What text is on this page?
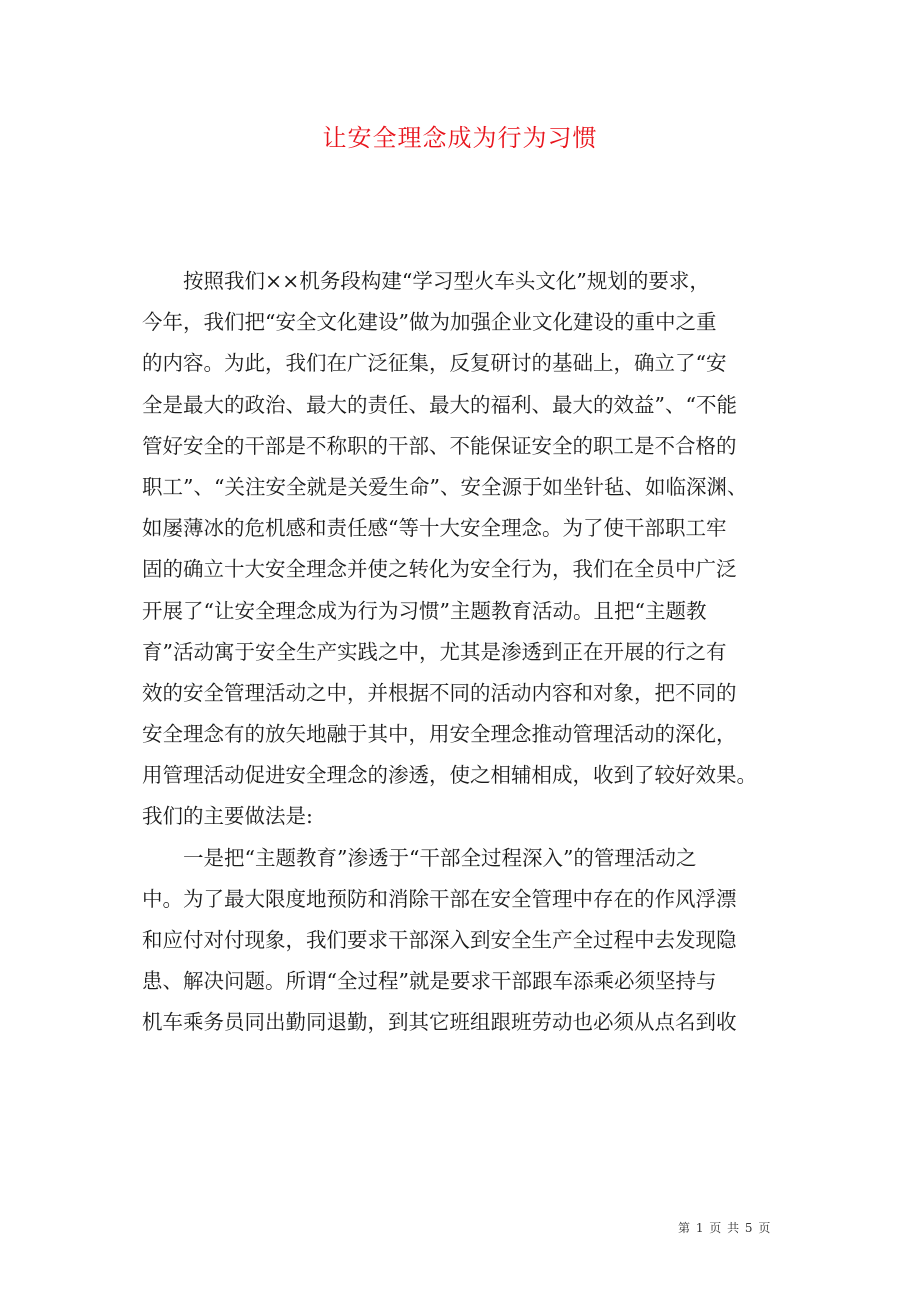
让安全理念成为行为习惯
按照我们××机务段构建“学习型火车头文化”规划的要求，
今年，我们把“安全文化建设”做为加强企业文化建设的重中之重
的内容。为此，我们在广泛征集，反复研讨的基础上，确立了“安
全是最大的政治、最大的责任、最大的福利、最大的效益”、“不能
管好安全的干部是不称职的干部、不能保证安全的职工是不合格的
职工”、“关注安全就是关爱生命”、安全源于如坐针毡、如临深渊、
如屡薄冰的危机感和责任感“等十大安全理念。为了使干部职工牢
固的确立十大安全理念并使之转化为安全行为，我们在全员中广泛
开展了“让安全理念成为行为习惯”主题教育活动。且把“主题教
育”活动寓于安全生产实践之中，尤其是渗透到正在开展的行之有
效的安全管理活动之中，并根据不同的活动内容和对象，把不同的
安全理念有的放矢地融于其中，用安全理念推动管理活动的深化，
用管理活动促进安全理念的渗透，使之相辅相成，收到了较好效果。
我们的主要做法是:
一是把“主题教育”渗透于“干部全过程深入”的管理活动之
中。为了最大限度地预防和消除干部在安全管理中存在的作风浮漂
和应付对付现象，我们要求干部深入到安全生产全过程中去发现隐
患、解决问题。所谓“全过程”就是要求干部跟车添乘必须坚持与
机车乘务员同出勤同退勤，到其它班组跟班劳动也必须从点名到收
第 1 页 共 5 页
